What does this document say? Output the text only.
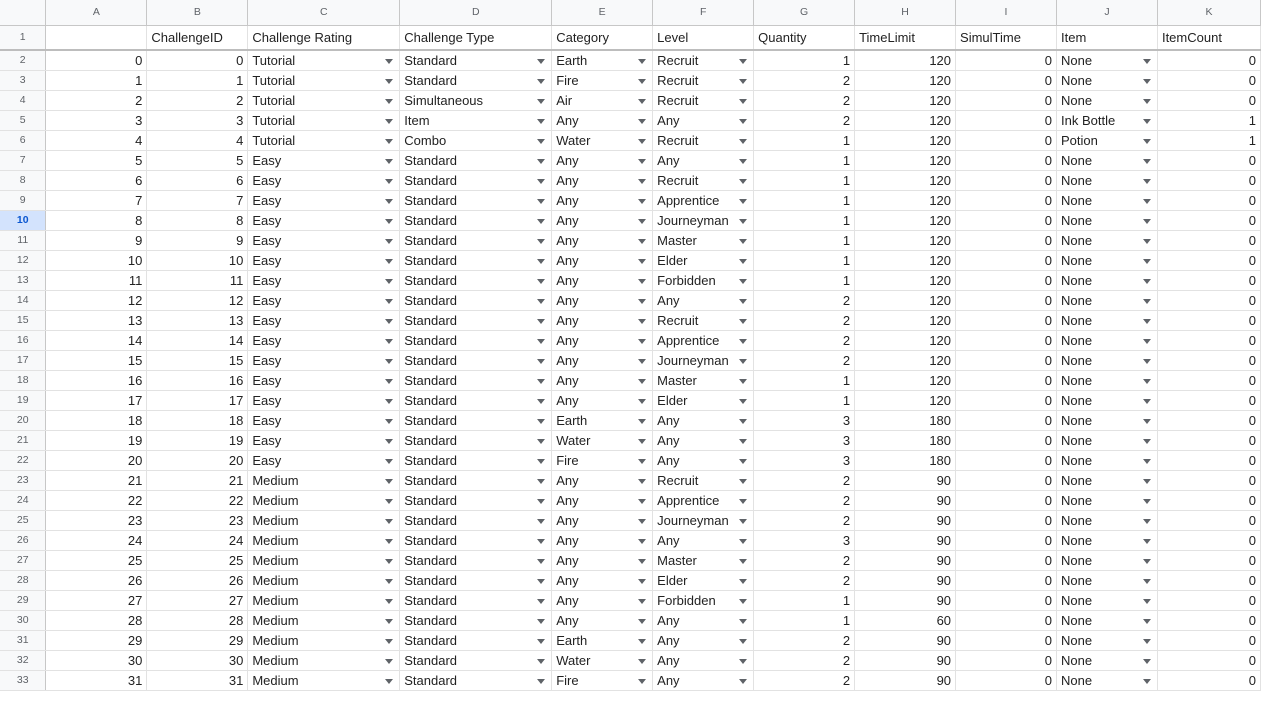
	A	B	C	D	E	F	G	H	I	J	K
1		ChallengeID	Challenge Rating	Challenge Type	Category	Level	Quantity	TimeLimit	SimulTime	Item	ItemCount
2	0	0	Tutorial	Standard	Earth	Recruit	1	120	0	None	0
3	1	1	Tutorial	Standard	Fire	Recruit	2	120	0	None	0
4	2	2	Tutorial	Simultaneous	Air	Recruit	2	120	0	None	0
5	3	3	Tutorial	Item	Any	Any	2	120	0	Ink Bottle	1
6	4	4	Tutorial	Combo	Water	Recruit	1	120	0	Potion	1
7	5	5	Easy	Standard	Any	Any	1	120	0	None	0
8	6	6	Easy	Standard	Any	Recruit	1	120	0	None	0
9	7	7	Easy	Standard	Any	Apprentice	1	120	0	None	0
10	8	8	Easy	Standard	Any	Journeyman	1	120	0	None	0
11	9	9	Easy	Standard	Any	Master	1	120	0	None	0
12	10	10	Easy	Standard	Any	Elder	1	120	0	None	0
13	11	11	Easy	Standard	Any	Forbidden	1	120	0	None	0
14	12	12	Easy	Standard	Any	Any	2	120	0	None	0
15	13	13	Easy	Standard	Any	Recruit	2	120	0	None	0
16	14	14	Easy	Standard	Any	Apprentice	2	120	0	None	0
17	15	15	Easy	Standard	Any	Journeyman	2	120	0	None	0
18	16	16	Easy	Standard	Any	Master	1	120	0	None	0
19	17	17	Easy	Standard	Any	Elder	1	120	0	None	0
20	18	18	Easy	Standard	Earth	Any	3	180	0	None	0
21	19	19	Easy	Standard	Water	Any	3	180	0	None	0
22	20	20	Easy	Standard	Fire	Any	3	180	0	None	0
23	21	21	Medium	Standard	Any	Recruit	2	90	0	None	0
24	22	22	Medium	Standard	Any	Apprentice	2	90	0	None	0
25	23	23	Medium	Standard	Any	Journeyman	2	90	0	None	0
26	24	24	Medium	Standard	Any	Any	3	90	0	None	0
27	25	25	Medium	Standard	Any	Master	2	90	0	None	0
28	26	26	Medium	Standard	Any	Elder	2	90	0	None	0
29	27	27	Medium	Standard	Any	Forbidden	1	90	0	None	0
30	28	28	Medium	Standard	Any	Any	1	60	0	None	0
31	29	29	Medium	Standard	Earth	Any	2	90	0	None	0
32	30	30	Medium	Standard	Water	Any	2	90	0	None	0
33	31	31	Medium	Standard	Fire	Any	2	90	0	None	0
